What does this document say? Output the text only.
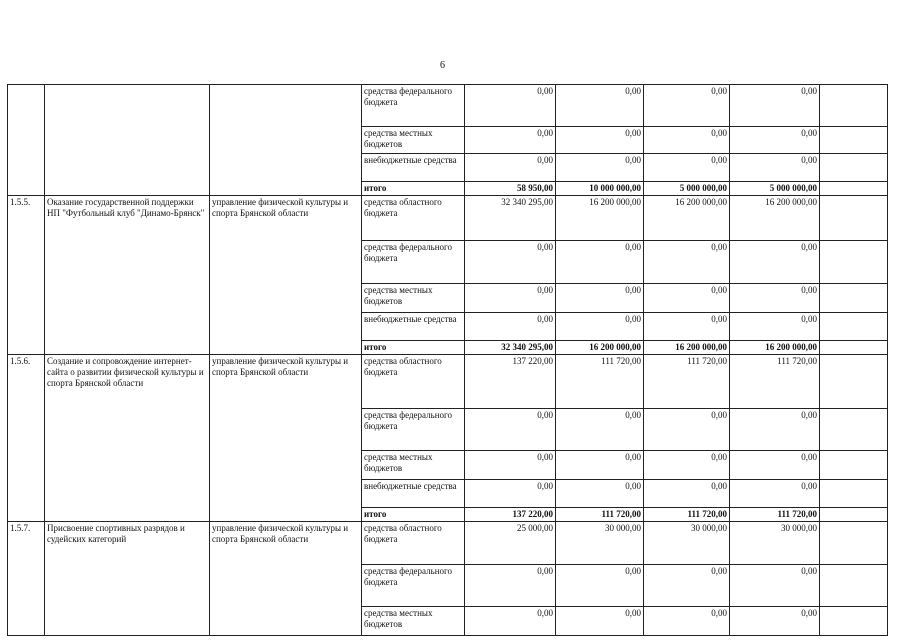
6
			средства федерального бюджета	0,00	0,00	0,00	0,00	
			средства местных бюджетов	0,00	0,00	0,00	0,00	
			внебюджетные средства	0,00	0,00	0,00	0,00	
			итого	58 950,00	10 000 000,00	5 000 000,00	5 000 000,00	
1.5.5.	Оказание государственной поддержки НП "Футбольный клуб "Динамо-Брянск"	управление физической культуры и спорта Брянской области	средства областного бюджета	32 340 295,00	16 200 000,00	16 200 000,00	16 200 000,00	
			средства федерального бюджета	0,00	0,00	0,00	0,00	
			средства местных бюджетов	0,00	0,00	0,00	0,00	
			внебюджетные средства	0,00	0,00	0,00	0,00	
			итого	32 340 295,00	16 200 000,00	16 200 000,00	16 200 000,00	
1.5.6.	Создание и сопровождение интернет-сайта о развитии физической культуры и спорта Брянской области	управление физической культуры и спорта Брянской области	средства областного бюджета	137 220,00	111 720,00	111 720,00	111 720,00	
			средства федерального бюджета	0,00	0,00	0,00	0,00	
			средства местных бюджетов	0,00	0,00	0,00	0,00	
			внебюджетные средства	0,00	0,00	0,00	0,00	
			итого	137 220,00	111 720,00	111 720,00	111 720,00	
1.5.7.	Присвоение спортивных разрядов и судейских категорий	управление физической культуры и спорта Брянской области	средства областного бюджета	25 000,00	30 000,00	30 000,00	30 000,00	
			средства федерального бюджета	0,00	0,00	0,00	0,00	
			средства местных бюджетов	0,00	0,00	0,00	0,00	
